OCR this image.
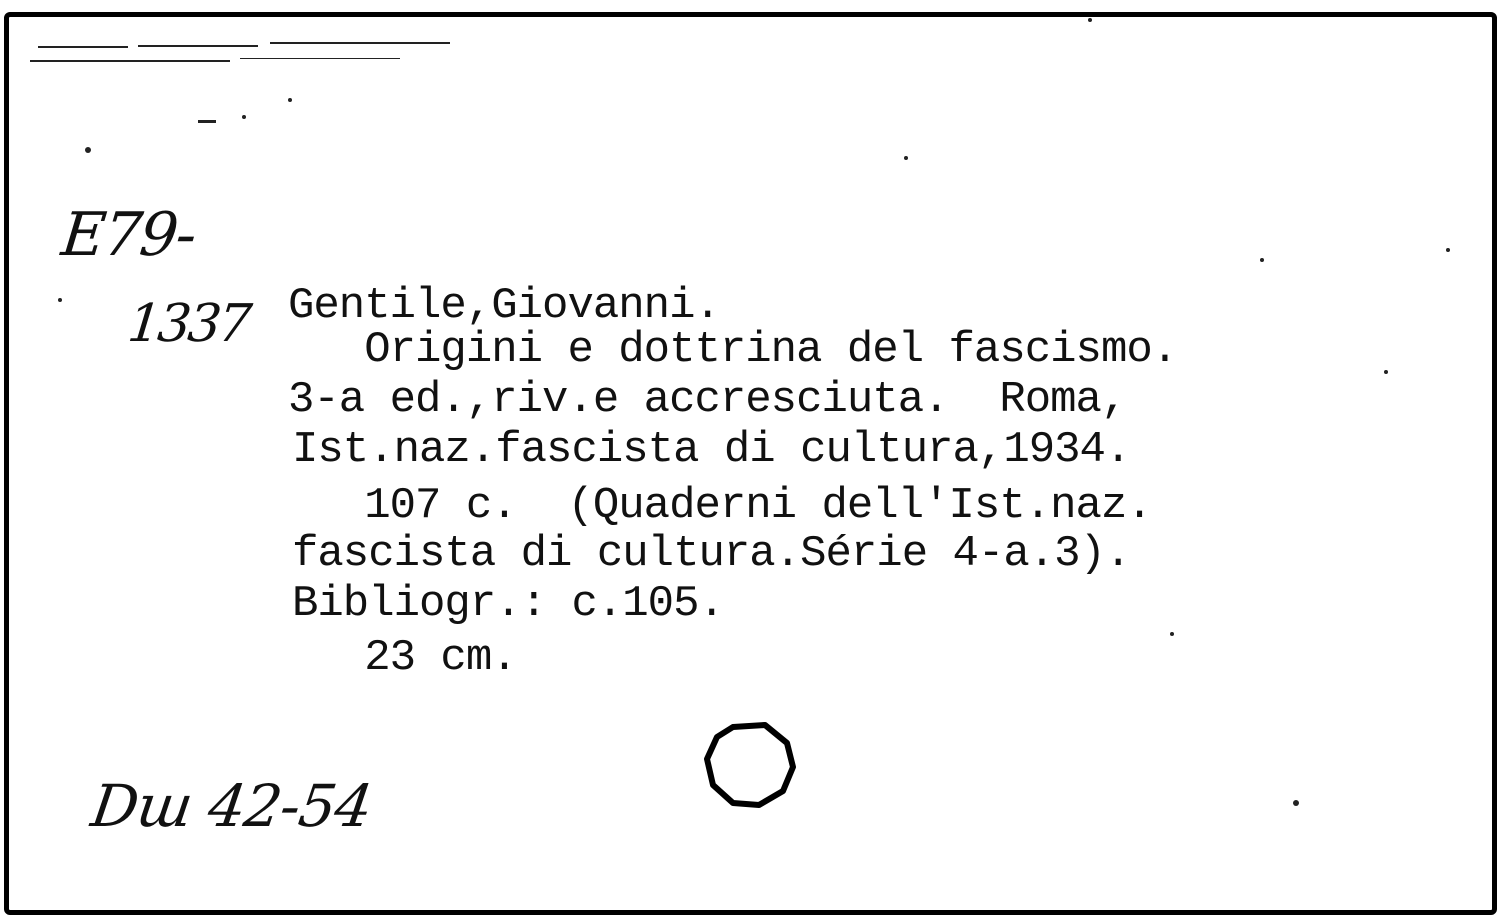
E79-
1337 Gentile,Giovanni.
Origini e dottrina del fascismo.
3-a ed.,riv.e accresciuta.  Roma,
Ist.naz.fascista di cultura,1934.
107 c.  (Quaderni dell'Ist.naz.
fascista di cultura.Série 4-a.3).
Bibliogr.: c.105.
23 cm.
Dш 42-54
